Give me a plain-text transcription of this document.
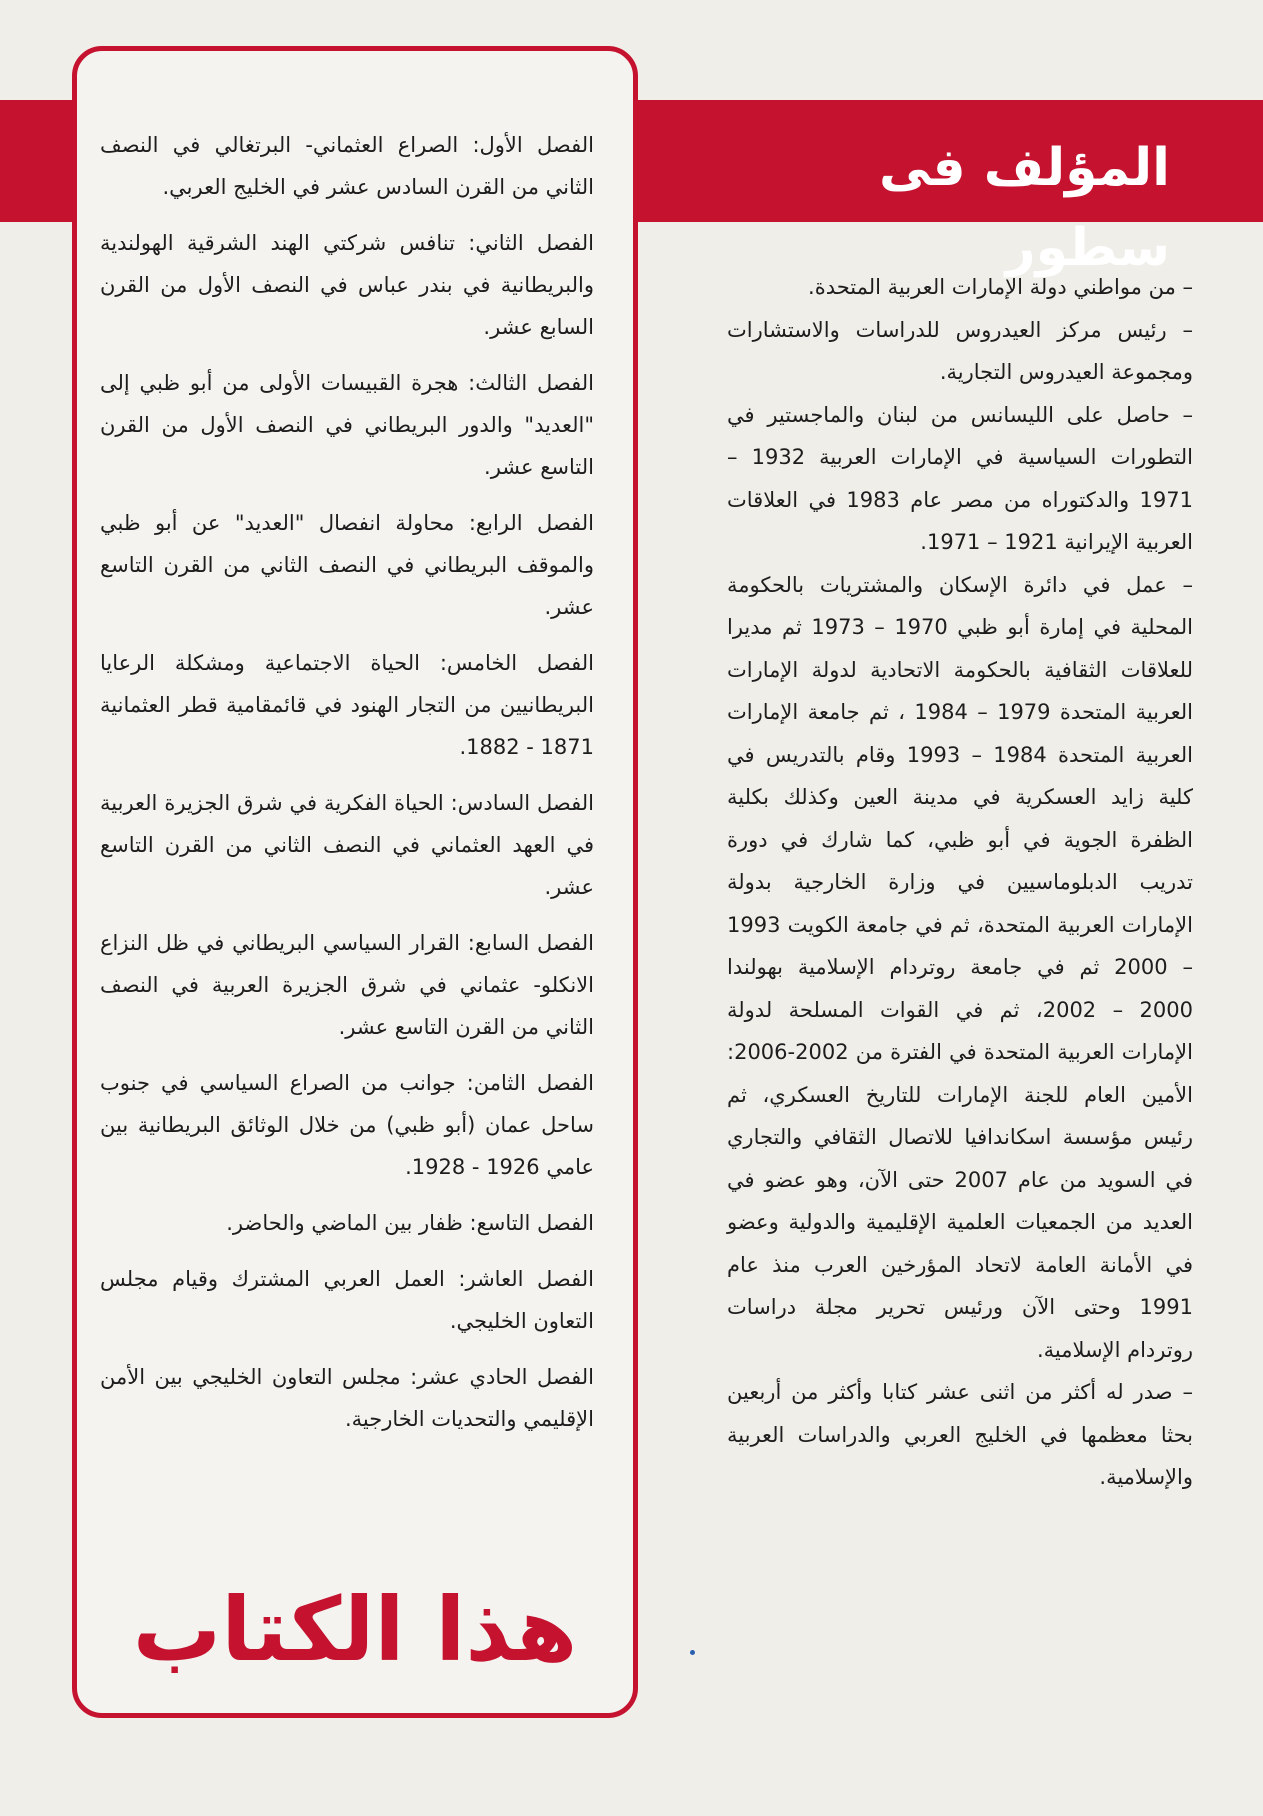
المؤلف فى سطور

الفصل الأول: الصراع العثماني- البرتغالي في النصف الثاني من القرن السادس عشر في الخليج العربي.

الفصل الثاني: تنافس شركتي الهند الشرقية الهولندية والبريطانية في بندر عباس في النصف الأول من القرن السابع عشر.

الفصل الثالث: هجرة القبيسات الأولى من أبو ظبي إلى "العديد" والدور البريطاني في النصف الأول من القرن التاسع عشر.

الفصل الرابع: محاولة انفصال "العديد" عن أبو ظبي والموقف البريطاني في النصف الثاني من القرن التاسع عشر.

الفصل الخامس: الحياة الاجتماعية ومشكلة الرعايا البريطانيين من التجار الهنود في قائمقامية قطر العثمانية 1871 - 1882.

الفصل السادس: الحياة الفكرية في شرق الجزيرة العربية في العهد العثماني في النصف الثاني من القرن التاسع عشر.

الفصل السابع: القرار السياسي البريطاني في ظل النزاع الانكلو- عثماني في شرق الجزيرة العربية في النصف الثاني من القرن التاسع عشر.

الفصل الثامن: جوانب من الصراع السياسي في جنوب ساحل عمان (أبو ظبي) من خلال الوثائق البريطانية بين عامي 1926 - 1928.

الفصل التاسع: ظفار بين الماضي والحاضر.

الفصل العاشر: العمل العربي المشترك وقيام مجلس التعاون الخليجي.

الفصل الحادي عشر: مجلس التعاون الخليجي بين الأمن الإقليمي والتحديات الخارجية.

هذا الكتاب

– من مواطني دولة الإمارات العربية المتحدة.

– رئيس مركز العيدروس للدراسات والاستشارات ومجموعة العيدروس التجارية.

– حاصل على الليسانس من لبنان والماجستير في التطورات السياسية في الإمارات العربية 1932 – 1971 والدكتوراه من مصر عام 1983 في العلاقات العربية الإيرانية 1921 – 1971.

– عمل في دائرة الإسكان والمشتريات بالحكومة المحلية في إمارة أبو ظبي 1970 – 1973 ثم مديرا للعلاقات الثقافية بالحكومة الاتحادية لدولة الإمارات العربية المتحدة 1979 – 1984 ، ثم جامعة الإمارات العربية المتحدة 1984 – 1993 وقام بالتدريس في كلية زايد العسكرية في مدينة العين وكذلك بكلية الظفرة الجوية في أبو ظبي، كما شارك في دورة تدريب الدبلوماسيين في وزارة الخارجية بدولة الإمارات العربية المتحدة، ثم في جامعة الكويت 1993 – 2000 ثم في جامعة روتردام الإسلامية بهولندا 2000 – 2002، ثم في القوات المسلحة لدولة الإمارات العربية المتحدة في الفترة من 2002-2006: الأمين العام للجنة الإمارات للتاريخ العسكري، ثم رئيس مؤسسة اسكاندافيا للاتصال الثقافي والتجاري في السويد من عام 2007 حتى الآن، وهو عضو في العديد من الجمعيات العلمية الإقليمية والدولية وعضو في الأمانة العامة لاتحاد المؤرخين العرب منذ عام 1991 وحتى الآن ورئيس تحرير مجلة دراسات روتردام الإسلامية.

– صدر له أكثر من اثنى عشر كتابا وأكثر من أربعين بحثا معظمها في الخليج العربي والدراسات العربية والإسلامية.
